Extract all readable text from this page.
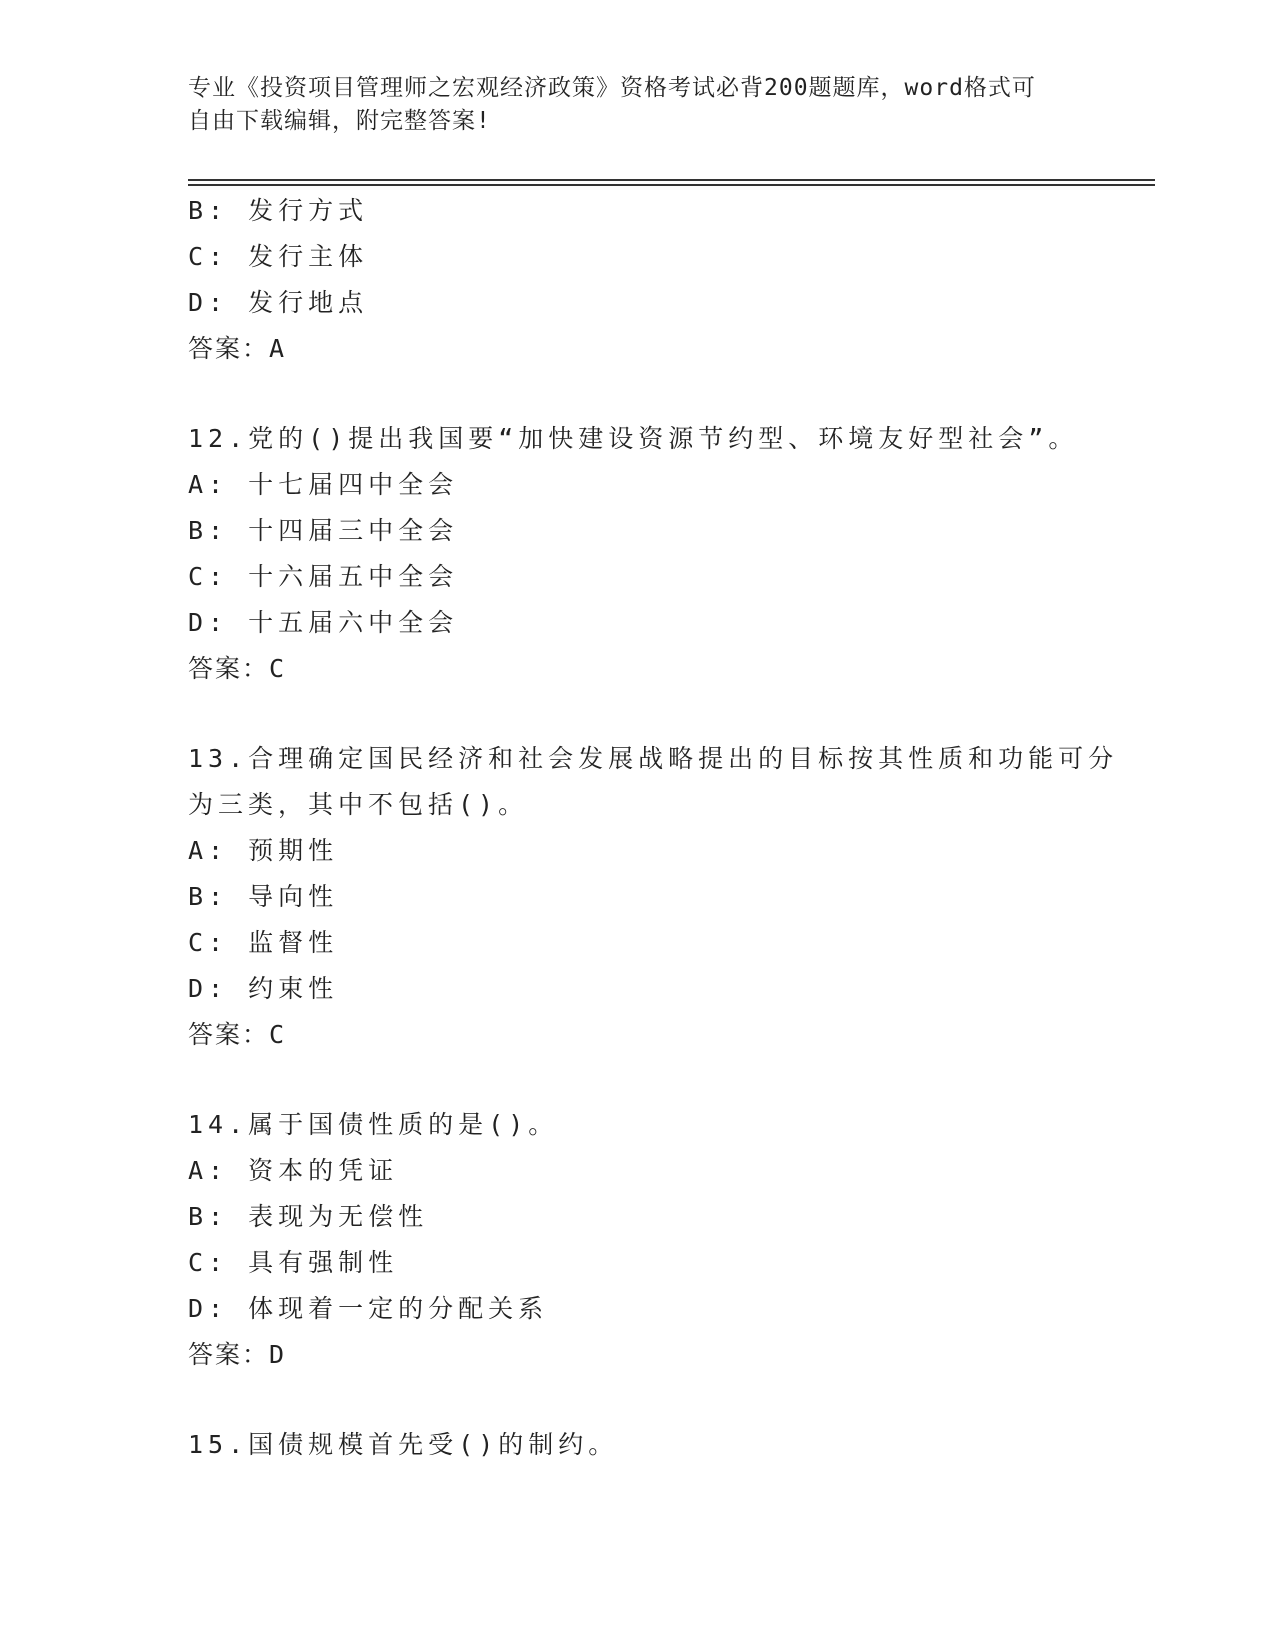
专业《投资项目管理师之宏观经济政策》资格考试必背200题题库，word格式可
自由下载编辑，附完整答案!
B: 发行方式
C: 发行主体
D: 发行地点
答案：A
12.党的()提出我国要“加快建设资源节约型、环境友好型社会”。
A: 十七届四中全会
B: 十四届三中全会
C: 十六届五中全会
D: 十五届六中全会
答案：C
13.合理确定国民经济和社会发展战略提出的目标按其性质和功能可分
为三类，其中不包括()。
A: 预期性
B: 导向性
C: 监督性
D: 约束性
答案：C
14.属于国债性质的是()。
A: 资本的凭证
B: 表现为无偿性
C: 具有强制性
D: 体现着一定的分配关系
答案：D
15.国债规模首先受()的制约。
